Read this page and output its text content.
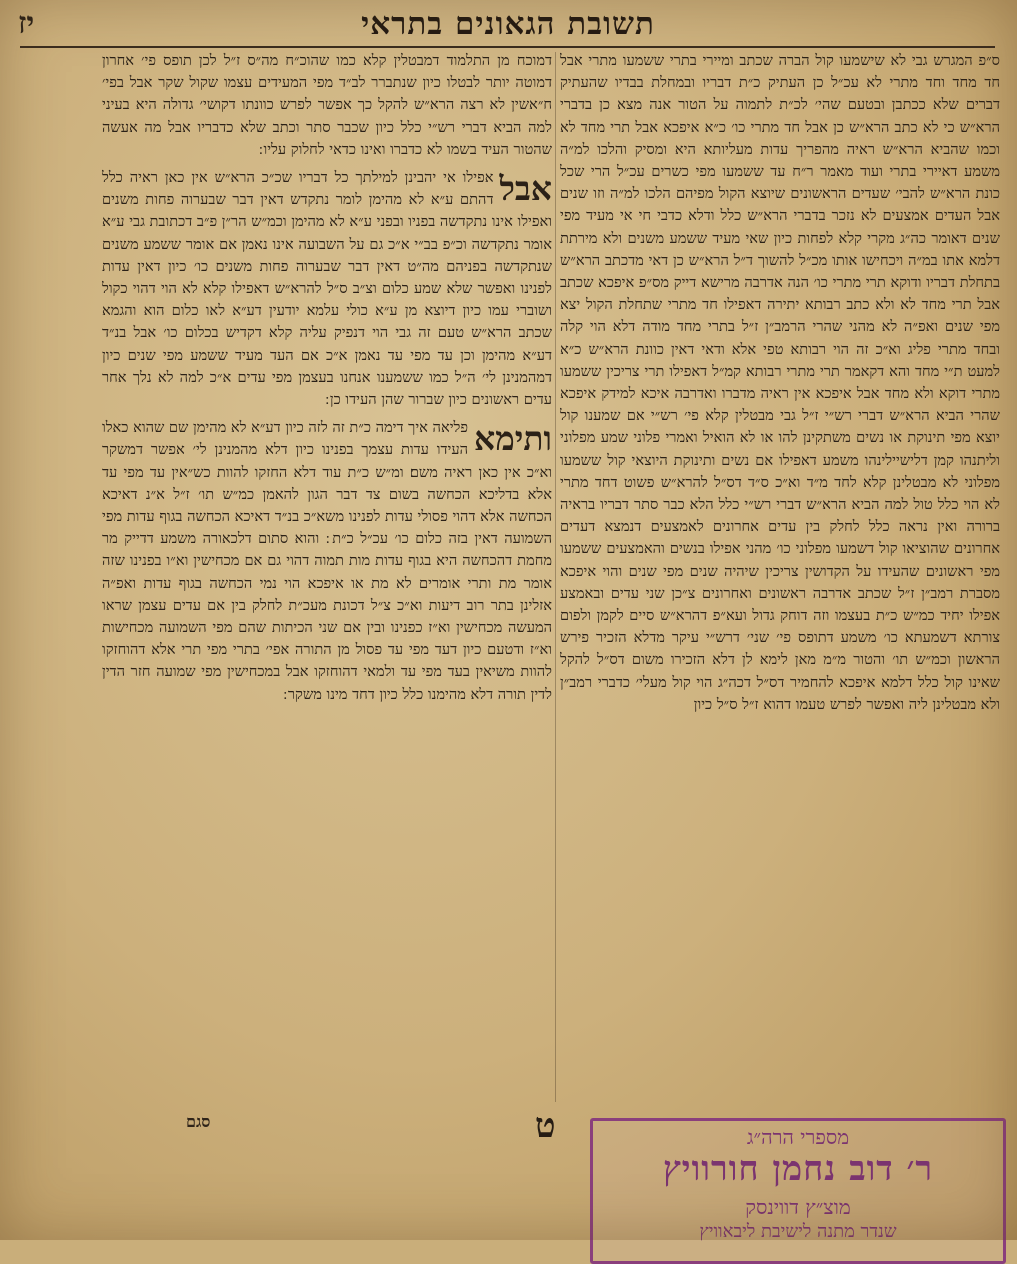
תשובת הגאונים בתראי
יז

ס״פ המגרש גבי לא שישמעו קול הברה שכתב ומיירי בתרי ששמעו מתרי אבל חד מחד וחד מתרי לא עכ״ל כן העתיק כ״ת דבריו ובמחלת בבדיו שהעתיק דברים שלא ככתבן ובטעם שהי׳ לכ״ת לתמוה על הטור אנה מצא כן בדברי הרא״ש כי לא כתב הרא״ש כן אבל חד מתרי כו׳ כ״א איפכא אבל תרי מחד לא וכמו שהביא הרא״ש ראיה מהפריך עדות מעליותא היא ומסיק והלכו למ״ה משמע דאיירי בתרי ועוד מאמר ר״ח עד ששמעו מפי כשרים עכ״ל הרי שכל כונת הרא״ש להבי׳ שעדים הראשונים שיוצא הקול מפיהם הלכו למ״ה וזו שנים אבל העדים אמצעים לא נזכר בדברי הרא״ש כלל ודלא כדבי חי אי מעיד מפי שנים דאומר כה״ג מקרי קלא לפחות כיון שאי מעיד ששמע משנים ולא מירתת דלמא אתו במ״ה ויכחישו אותו מכ״ל להשוך ד״ל הרא״ש כן דאי מדכתב הרא״ש בתחלת דבריו ודוקא תרי מתרי כו׳ הנה אדרבה מרישא דייק מס״פ איפכא שכתב אבל תרי מחד לא ולא כתב רבותא יתירה דאפילו חד מתרי שתחלת הקול יצא מפי שנים ואפ״ה לא מהני שהרי הרמב״ן ז״ל בתרי מחד מודה דלא הוי קלה ובחד מתרי פליג וא״כ זה הוי רבותא טפי אלא ודאי דאין כוונת הרא״ש כ״א למעט ת״י מחד והא דקאמר תרי מתרי רבותא קמ״ל דאפילו תרי צריכין ששמעו מתרי דוקא ולא מחד אבל איפכא אין ראיה מדברו ואדרבה איכא למידק איפכא שהרי הביא הרא״ש דברי רש״י ז״ל גבי מבטלין קלא פי׳ רש״י אם שמענו קול יוצא מפי תינוקת או נשים משתקינן להו או לא הואיל ואמרי פלוני שמע מפלוני וליתנהו קמן דלישיילינהו משמע דאפילו אם נשים ותינוקת היוצאי קול ששמעו מפלוני לא מבטלינן קלא לחד מ״ד וא״כ ס״ד דס״ל להרא״ש פשוט דחד מתרי לא הוי כלל טול למה הביא הרא״ש דברי רש״י כלל הלא כבר סתר דבריו בראיה ברורה ואין נראה כלל לחלק בין עדים אחרונים לאמצעים דנמצא דעדים אחרונים שהוציאו קול דשמעו מפלוני כו׳ מהני אפילו בנשים והאמצעים ששמעו מפי ראשונים שהעידו על הקדושין צריכין שיהיה שנים מפי שנים והוי איפכא מסברת רמב״ן ז״ל שכתב אדרבה ראשונים ואחרונים צ״כן שני עדים ובאמצע אפילו יחיד כמ״ש כ״ת בעצמו וזה דוחק גדול ועא״פ דהרא״ש סיים לקמן ולפום צורתא דשמעתא כו׳ משמע דתופס פי׳ שני׳ דרש״י עיקר מדלא הזכיר פירש הראשון וכמ״ש תו׳ והטור מ״מ מאן לימא לן דלא הזכירו משום דס״ל להקל שאינו קול כלל דלמא איפכא להחמיר דס״ל דכה״ג הוי קול מעלי׳ כדברי רמב״ן ולא מבטלינן ליה ואפשר לפרש טעמו דהוא ז״ל ס״ל כיון

דמוכח מן התלמוד דמבטלין קלא כמו שהוכ״ח מה״ס ז״ל לכן תופס פי׳ אחרון דמוטה יותר לבטלו כיון שנתברר לב״ד מפי המעידים עצמו שקול שקר אבל בפי׳ ח״אשין לא רצה הרא״ש להקל כך אפשר לפרש כוונתו דקושי׳ גדולה היא בעיני למה הביא דברי רש״י כלל כיון שכבר סתר וכתב שלא כדבריו אבל מה אעשה שהטור העיד בשמו לא כדברו ואינו כדאי לחלוק עליו ׃

אבל

אפילו אי יהבינן למילתך כל דבריו שכ״כ הרא״ש אין כאן ראיה כלל דהתם ע״א לא מהימן לומר נתקדש דאין דבר שבערוה פחות משנים ואפילו אינו נתקדשה בפניו ובפני ע״א לא מהימן וכמ״ש הר״ן פ״ב דכתובת גבי ע״א אומר נתקדשה וכ״פ בב״י א״כ גם על השבועה אינו נאמן אם אומר ששמע משנים שנתקדשה בפניהם מה״ט דאין דבר שבערוה פחות משנים כו׳ כיון דאין עדות לפנינו ואפשר שלא שמע כלום וצ״ב ס״ל להרא״ש דאפילו קלא לא הוי דהוי כקול ושוברי עמו כיון דיוצא מן ע״א כולי עלמא יודעין דע״א לאו כלום הוא והגמא שכתב הרא״ש טעם זה גבי הוי דנפיק עליה קלא דקדיש בכלום כו׳ אבל בנ״ד דע״א מהימן וכן עד מפי עד נאמן א״כ אם העד מעיד ששמע מפי שנים כיון דמהמנינן לי׳ ה״ל כמו ששמענו אנחנו בעצמן מפי עדים א״כ למה לא נלך אחר עדים ראשונים כיון שברור שהן העידו כן ׃

ותימא

פליאה איך דימה כ״ת זה לזה כיון דע״א לא מהימן שם שהוא כאלו העידו עדות עצמך בפנינו כיון דלא מהמנינן לי׳ אפשר דמשקר וא״כ אין כאן ראיה משם׃ ומ״ש כ״ת עוד דלא החזקו להוות כש״אין עד מפי עד אלא בדליכא הכחשה בשום צד דבר הגון להאמן כמ״ש תו׳ ז״ל א״נ דאיכא הכחשה אלא דהוי פסולי עדות לפנינו משא״כ בנ״ד דאיכא הכחשה בגוף עדות מפי השמועה דאין בזה כלום כו׳ עכ״ל כ״ת ׃ והוא סתום דלכאורה משמע דדייק מר מחמת דהכחשה היא בגוף עדות מות תמוה דהוי גם אם מכחישין וא״ו בפנינו שזה אומר מת ותרי אומרים לא מת או איפכא הוי נמי הכחשה בגוף עדות ואפ״ה אזלינן בתר רוב דיעות וא״כ צ״ל דכונת מעכ״ת לחלק בין אם עדים עצמן שראו המעשה מכחישין וא״ז כפנינו ובין אם שני הכיתות שהם מפי השמועה מכחישות וא״ז ודטעם כיון דעד מפי עד פסול מן התורה אפי׳ בתרי מפי תרי אלא דהוחזקו להוות משיאין בעד מפי עד ולמאי דהוחזקו אבל במכחישין מפי שמועה חזר הדין לדין תורה דלא מהימנו כלל כיון דחד מינו משקר ׃

סגם	ט	מספרי הרה״ג
ר׳ דוב נחמן חורוויץ
מוצ״ץ דווינסק
שנדר מתנה לישיבת ליבאוויץ
